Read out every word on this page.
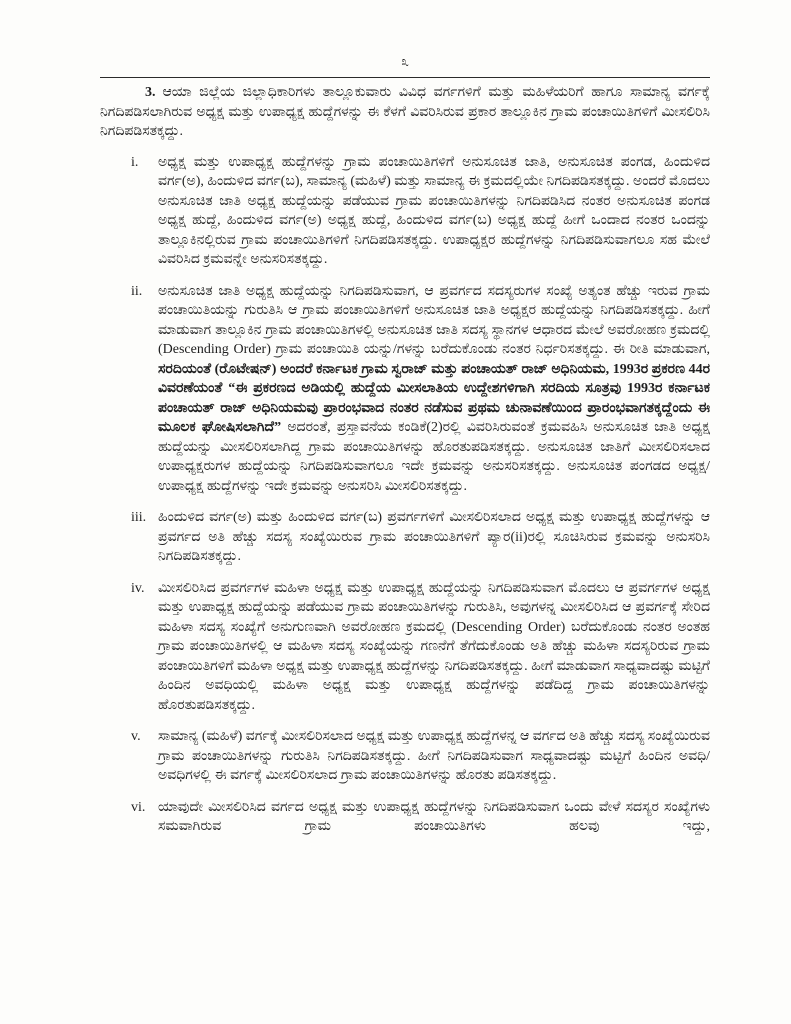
೩

3. ಆಯಾ ಜಿಲ್ಲೆಯ ಜಿಲ್ಲಾಧಿಕಾರಿಗಳು ತಾಲ್ಲೂಕುವಾರು ವಿವಿಧ ವರ್ಗಗಳಿಗೆ ಮತ್ತು ಮಹಿಳೆಯರಿಗೆ ಹಾಗೂ ಸಾಮಾನ್ಯ ವರ್ಗಕ್ಕೆ ನಿಗದಿಪಡಿಸಲಾಗಿರುವ ಅಧ್ಯಕ್ಷ ಮತ್ತು ಉಪಾಧ್ಯಕ್ಷ ಹುದ್ದೆಗಳನ್ನು ಈ ಕೆಳಗೆ ವಿವರಿಸಿರುವ ಪ್ರಕಾರ ತಾಲ್ಲೂಕಿನ ಗ್ರಾಮ ಪಂಚಾಯಿತಿಗಳಿಗೆ ಮೀಸಲಿರಿಸಿ ನಿಗದಿಪಡಿಸತಕ್ಕದ್ದು.

i.	ಅಧ್ಯಕ್ಷ ಮತ್ತು ಉಪಾಧ್ಯಕ್ಷ ಹುದ್ದೆಗಳನ್ನು ಗ್ರಾಮ ಪಂಚಾಯಿತಿಗಳಿಗೆ ಅನುಸೂಚಿತ ಜಾತಿ, ಅನುಸೂಚಿತ ಪಂಗಡ, ಹಿಂದುಳಿದ ವರ್ಗ(ಅ), ಹಿಂದುಳಿದ ವರ್ಗ(ಬ), ಸಾಮಾನ್ಯ (ಮಹಿಳೆ) ಮತ್ತು ಸಾಮಾನ್ಯ ಈ ಕ್ರಮದಲ್ಲಿಯೇ ನಿಗದಿಪಡಿಸತಕ್ಕದ್ದು. ಅಂದರೆ ಮೊದಲು ಅನುಸೂಚಿತ ಜಾತಿ ಅಧ್ಯಕ್ಷ ಹುದ್ದೆಯನ್ನು ಪಡೆಯುವ ಗ್ರಾಮ ಪಂಚಾಯಿತಿಗಳನ್ನು ನಿಗದಿಪಡಿಸಿದ ನಂತರ ಅನುಸೂಚಿತ ಪಂಗಡ ಅಧ್ಯಕ್ಷ ಹುದ್ದೆ, ಹಿಂದುಳಿದ ವರ್ಗ(ಅ) ಅಧ್ಯಕ್ಷ ಹುದ್ದೆ, ಹಿಂದುಳಿದ ವರ್ಗ(ಬ) ಅಧ್ಯಕ್ಷ ಹುದ್ದೆ ಹೀಗೆ ಒಂದಾದ ನಂತರ ಒಂದನ್ನು ತಾಲ್ಲೂಕಿನಲ್ಲಿರುವ ಗ್ರಾಮ ಪಂಚಾಯಿತಿಗಳಿಗೆ ನಿಗದಿಪಡಿಸತಕ್ಕದ್ದು. ಉಪಾಧ್ಯಕ್ಷರ ಹುದ್ದೆಗಳನ್ನು ನಿಗದಿಪಡಿಸುವಾಗಲೂ ಸಹ ಮೇಲೆ ವಿವರಿಸಿದ ಕ್ರಮವನ್ನೇ ಅನುಸರಿಸತಕ್ಕದ್ದು.
ii.	ಅನುಸೂಚಿತ ಜಾತಿ ಅಧ್ಯಕ್ಷ ಹುದ್ದೆಯನ್ನು ನಿಗದಿಪಡಿಸುವಾಗ, ಆ ಪ್ರವರ್ಗದ ಸದಸ್ಯರುಗಳ ಸಂಖ್ಯೆ ಅತ್ಯಂತ ಹೆಚ್ಚು ಇರುವ ಗ್ರಾಮ ಪಂಚಾಯಿತಿಯನ್ನು ಗುರುತಿಸಿ ಆ ಗ್ರಾಮ ಪಂಚಾಯಿತಿಗಳಿಗೆ ಅನುಸೂಚಿತ ಜಾತಿ ಅಧ್ಯಕ್ಷರ ಹುದ್ದೆಯನ್ನು ನಿಗದಿಪಡಿಸತಕ್ಕದ್ದು. ಹೀಗೆ ಮಾಡುವಾಗ ತಾಲ್ಲೂಕಿನ ಗ್ರಾಮ ಪಂಚಾಯಿತಿಗಳಲ್ಲಿ ಅನುಸೂಚಿತ ಜಾತಿ ಸದಸ್ಯ ಸ್ಥಾನಗಳ ಆಧಾರದ ಮೇಲೆ ಅವರೋಹಣ ಕ್ರಮದಲ್ಲಿ (Descending Order) ಗ್ರಾಮ ಪಂಚಾಯಿತಿ ಯನ್ನು/ಗಳನ್ನು ಬರೆದುಕೊಂಡು ನಂತರ ನಿರ್ಧರಿಸತಕ್ಕದ್ದು. ಈ ರೀತಿ ಮಾಡುವಾಗ, ಸರದಿಯಂತೆ (ರೊಟೇಷನ್) ಅಂದರೆ ಕರ್ನಾಟಕ ಗ್ರಾಮ ಸ್ವರಾಜ್ ಮತ್ತು ಪಂಚಾಯತ್ ರಾಜ್ ಅಧಿನಿಯಮ, 1993ರ ಪ್ರಕರಣ 44ರ ವಿವರಣೆಯಂತೆ “ಈ ಪ್ರಕರಣದ ಅಡಿಯಲ್ಲಿ ಹುದ್ದೆಯ ಮೀಸಲಾತಿಯ ಉದ್ದೇಶಗಳಿಗಾಗಿ ಸರದಿಯ ಸೂತ್ರವು 1993ರ ಕರ್ನಾಟಕ ಪಂಚಾಯತ್ ರಾಜ್ ಅಧಿನಿಯಮವು ಪ್ರಾರಂಭವಾದ ನಂತರ ನಡೆಸುವ ಪ್ರಥಮ ಚುನಾವಣೆಯಿಂದ ಪ್ರಾರಂಭವಾಗತಕ್ಕದ್ದೆಂದು ಈ ಮೂಲಕ ಘೋಷಿಸಲಾಗಿದೆ” ಅದರಂತೆ, ಪ್ರಸ್ತಾವನೆಯ ಕಂಡಿಕೆ(2)ರಲ್ಲಿ ವಿವರಿಸಿರುವಂತೆ ಕ್ರಮವಹಿಸಿ ಅನುಸೂಚಿತ ಜಾತಿ ಅಧ್ಯಕ್ಷ ಹುದ್ದೆಯನ್ನು ಮೀಸಲಿರಿಸಲಾಗಿದ್ದ ಗ್ರಾಮ ಪಂಚಾಯಿತಿಗಳನ್ನು ಹೊರತುಪಡಿಸತಕ್ಕದ್ದು. ಅನುಸೂಚಿತ ಜಾತಿಗೆ ಮೀಸಲಿರಿಸಲಾದ ಉಪಾಧ್ಯಕ್ಷರುಗಳ ಹುದ್ದೆಯನ್ನು ನಿಗದಿಪಡಿಸುವಾಗಲೂ ಇದೇ ಕ್ರಮವನ್ನು ಅನುಸರಿಸತಕ್ಕದ್ದು. ಅನುಸೂಚಿತ ಪಂಗಡದ ಅಧ್ಯಕ್ಷ/ ಉಪಾಧ್ಯಕ್ಷ ಹುದ್ದೆಗಳನ್ನು ಇದೇ ಕ್ರಮವನ್ನು ಅನುಸರಿಸಿ ಮೀಸಲಿರಿಸತಕ್ಕದ್ದು.
iii. ಹಿಂದುಳಿದ ವರ್ಗ(ಅ) ಮತ್ತು ಹಿಂದುಳಿದ ವರ್ಗ(ಬ) ಪ್ರವರ್ಗಗಳಿಗೆ ಮೀಸಲಿರಿಸಲಾದ ಅಧ್ಯಕ್ಷ ಮತ್ತು ಉಪಾಧ್ಯಕ್ಷ ಹುದ್ದೆಗಳನ್ನು ಆ ಪ್ರವರ್ಗದ ಅತಿ ಹೆಚ್ಚು ಸದಸ್ಯ ಸಂಖ್ಯೆಯಿರುವ ಗ್ರಾಮ ಪಂಚಾಯಿತಿಗಳಿಗೆ ಪ್ಯಾರ(ii)ರಲ್ಲಿ ಸೂಚಿಸಿರುವ ಕ್ರಮವನ್ನು ಅನುಸರಿಸಿ ನಿಗದಿಪಡಿಸತಕ್ಕದ್ದು.
iv. ಮೀಸಲಿರಿಸಿದ ಪ್ರವರ್ಗಗಳ ಮಹಿಳಾ ಅಧ್ಯಕ್ಷ ಮತ್ತು ಉಪಾಧ್ಯಕ್ಷ ಹುದ್ದೆಯನ್ನು ನಿಗದಿಪಡಿಸುವಾಗ ಮೊದಲು ಆ ಪ್ರವರ್ಗಗಳ ಅಧ್ಯಕ್ಷ ಮತ್ತು ಉಪಾಧ್ಯಕ್ಷ ಹುದ್ದೆಯನ್ನು ಪಡೆಯುವ ಗ್ರಾಮ ಪಂಚಾಯಿತಿಗಳನ್ನು ಗುರುತಿಸಿ, ಅವುಗಳನ್ನ ಮೀಸಲಿರಿಸಿದ ಆ ಪ್ರವರ್ಗಕ್ಕೆ ಸೇರಿದ ಮಹಿಳಾ ಸದಸ್ಯ ಸಂಖ್ಯೆಗೆ ಅನುಗುಣವಾಗಿ ಅವರೋಹಣ ಕ್ರಮದಲ್ಲಿ (Descending Order) ಬರೆದುಕೊಂಡು ನಂತರ ಅಂತಹ ಗ್ರಾಮ ಪಂಚಾಯಿತಿಗಳಲ್ಲಿ ಆ ಮಹಿಳಾ ಸದಸ್ಯ ಸಂಖ್ಯೆಯನ್ನು ಗಣನೆಗೆ ತೆಗೆದುಕೊಂಡು ಅತಿ ಹೆಚ್ಚು ಮಹಿಳಾ ಸದಸ್ಯರಿರುವ ಗ್ರಾಮ ಪಂಚಾಯಿತಿಗಳಿಗೆ ಮಹಿಳಾ ಅಧ್ಯಕ್ಷ ಮತ್ತು ಉಪಾಧ್ಯಕ್ಷ ಹುದ್ದೆಗಳನ್ನು ನಿಗದಿಪಡಿಸತಕ್ಕದ್ದು. ಹೀಗೆ ಮಾಡುವಾಗ ಸಾಧ್ಯವಾದಷ್ಟು ಮಟ್ಟಿಗೆ ಹಿಂದಿನ ಅವಧಿಯಲ್ಲಿ ಮಹಿಳಾ ಅಧ್ಯಕ್ಷ ಮತ್ತು ಉಪಾಧ್ಯಕ್ಷ ಹುದ್ದೆಗಳನ್ನು ಪಡೆದಿದ್ದ ಗ್ರಾಮ ಪಂಚಾಯಿತಿಗಳನ್ನು ಹೊರತುಪಡಿಸತಕ್ಕದ್ದು.
v.	ಸಾಮಾನ್ಯ (ಮಹಿಳೆ) ವರ್ಗಕ್ಕೆ ಮೀಸಲಿರಿಸಲಾದ ಅಧ್ಯಕ್ಷ ಮತ್ತು ಉಪಾಧ್ಯಕ್ಷ ಹುದ್ದೆಗಳನ್ನ ಆ ವರ್ಗದ ಅತಿ ಹೆಚ್ಚು ಸದಸ್ಯ ಸಂಖ್ಯೆಯಿರುವ ಗ್ರಾಮ ಪಂಚಾಯಿತಿಗಳನ್ನು ಗುರುತಿಸಿ ನಿಗದಿಪಡಿಸತಕ್ಕದ್ದು. ಹೀಗೆ ನಿಗದಿಪಡಿಸುವಾಗ ಸಾಧ್ಯವಾದಷ್ಟು ಮಟ್ಟಿಗೆ ಹಿಂದಿನ ಅವಧಿ/ಅವಧಿಗಳಲ್ಲಿ ಈ ವರ್ಗಕ್ಕೆ ಮೀಸಲಿರಿಸಲಾದ ಗ್ರಾಮ ಪಂಚಾಯಿತಿಗಳನ್ನು ಹೊರತು ಪಡಿಸತಕ್ಕದ್ದು.
vi. ಯಾವುದೇ ಮೀಸಲಿರಿಸಿದ ವರ್ಗದ ಅಧ್ಯಕ್ಷ ಮತ್ತು ಉಪಾಧ್ಯಕ್ಷ ಹುದ್ದೆಗಳನ್ನು ನಿಗದಿಪಡಿಸುವಾಗ ಒಂದು ವೇಳೆ ಸದಸ್ಯರ ಸಂಖ್ಯೆಗಳು ಸಮವಾಗಿರುವ ಗ್ರಾಮ ಪಂಚಾಯಿತಿಗಳು ಹಲವು ಇದ್ದು,
